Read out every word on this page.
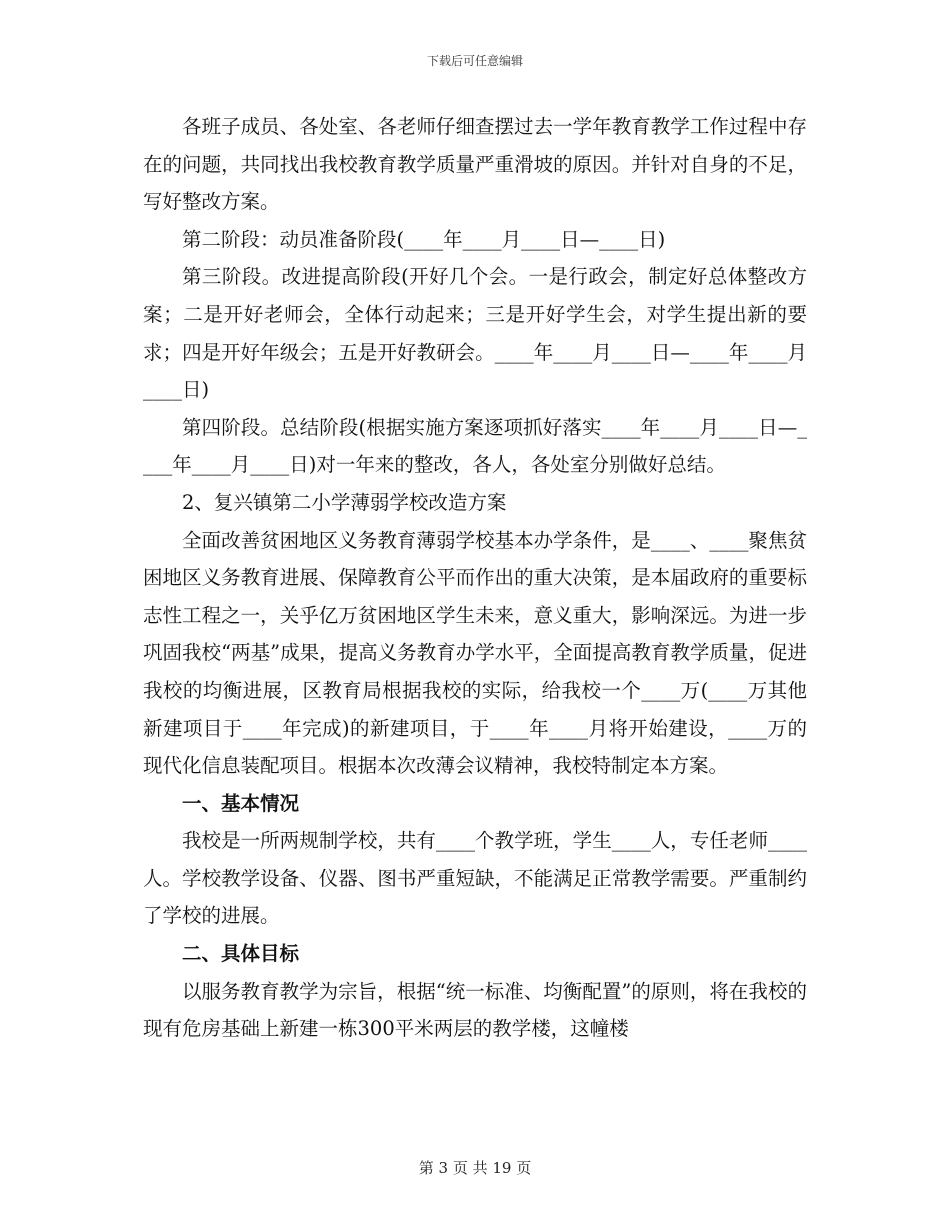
下载后可任意编辑

各班子成员、各处室、各老师仔细查摆过去一学年教育教学工作过程中存在的问题，共同找出我校教育教学质量严重滑坡的原因。并针对自身的不足，写好整改方案。

第二阶段：动员准备阶段(____年____月____日—____日)

第三阶段。改进提高阶段(开好几个会。一是行政会，制定好总体整改方案；二是开好老师会，全体行动起来；三是开好学生会，对学生提出新的要求；四是开好年级会；五是开好教研会。____年____月____日—____年____月____日)

第四阶段。总结阶段(根据实施方案逐项抓好落实____年____月____日—____年____月____日)对一年来的整改，各人，各处室分别做好总结。

2、复兴镇第二小学薄弱学校改造方案

全面改善贫困地区义务教育薄弱学校基本办学条件，是____、____聚焦贫困地区义务教育进展、保障教育公平而作出的重大决策，是本届政府的重要标志性工程之一，关乎亿万贫困地区学生未来，意义重大，影响深远。为进一步巩固我校“两基”成果，提高义务教育办学水平，全面提高教育教学质量，促进我校的均衡进展，区教育局根据我校的实际，给我校一个____万(____万其他新建项目于____年完成)的新建项目，于____年____月将开始建设，____万的现代化信息装配项目。根据本次改薄会议精神，我校特制定本方案。

一、基本情况

我校是一所两规制学校，共有____个教学班，学生____人，专任老师____人。学校教学设备、仪器、图书严重短缺，不能满足正常教学需要。严重制约了学校的进展。

二、具体目标

以服务教育教学为宗旨，根据“统一标准、均衡配置”的原则，将在我校的现有危房基础上新建一栋300平米两层的教学楼，这幢楼

第 3 页 共 19 页
